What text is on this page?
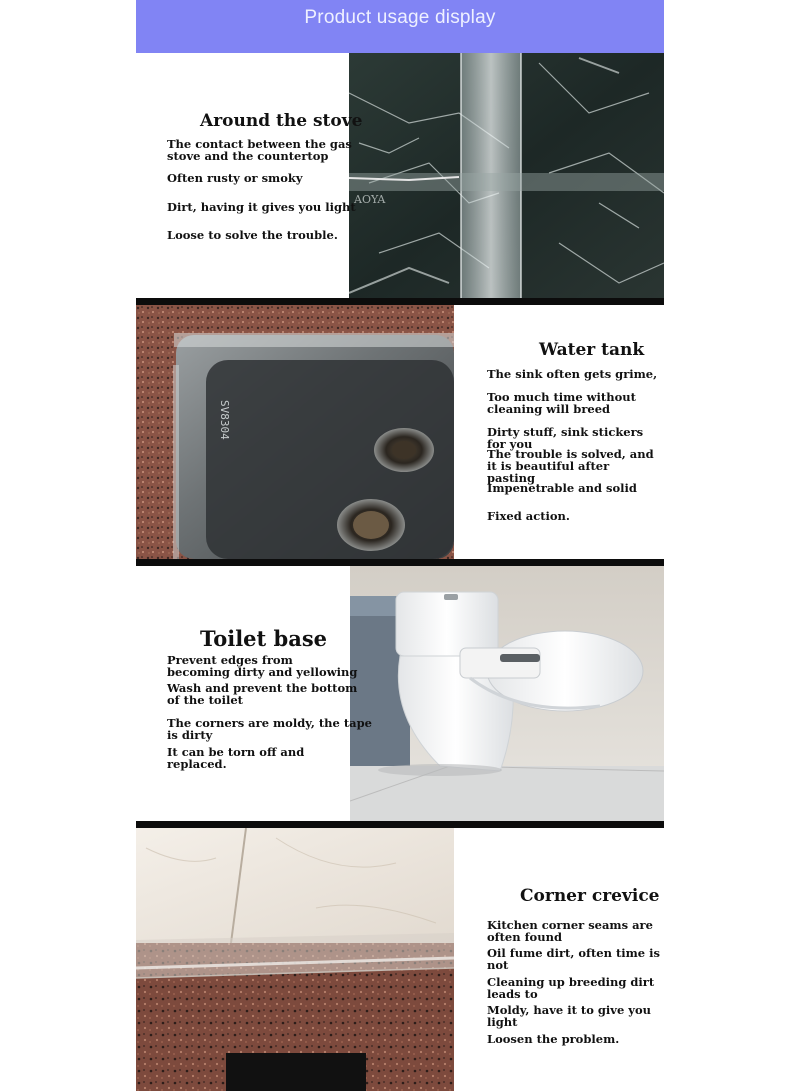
Product usage display
AOYA
Around the stove
The contact between the gas stove and the countertop
Often rusty or smoky
Dirt, having it gives you light
Loose to solve the trouble.
SV8304
Water tank
The sink often gets grime,
Too much time without cleaning will breed
Dirty stuff, sink stickers for you
The trouble is solved, and it is beautiful after pasting
Impenetrable and solid
Fixed action.
Toilet base
Prevent edges from becoming dirty and yellowing
Wash and prevent the bottom of the toilet
The corners are moldy, the tape is dirty
It can be torn off and replaced.
Corner crevice
Kitchen corner seams are often found
Oil fume dirt, often time is not
Cleaning up breeding dirt leads to
Moldy, have it to give you light
Loosen the problem.
